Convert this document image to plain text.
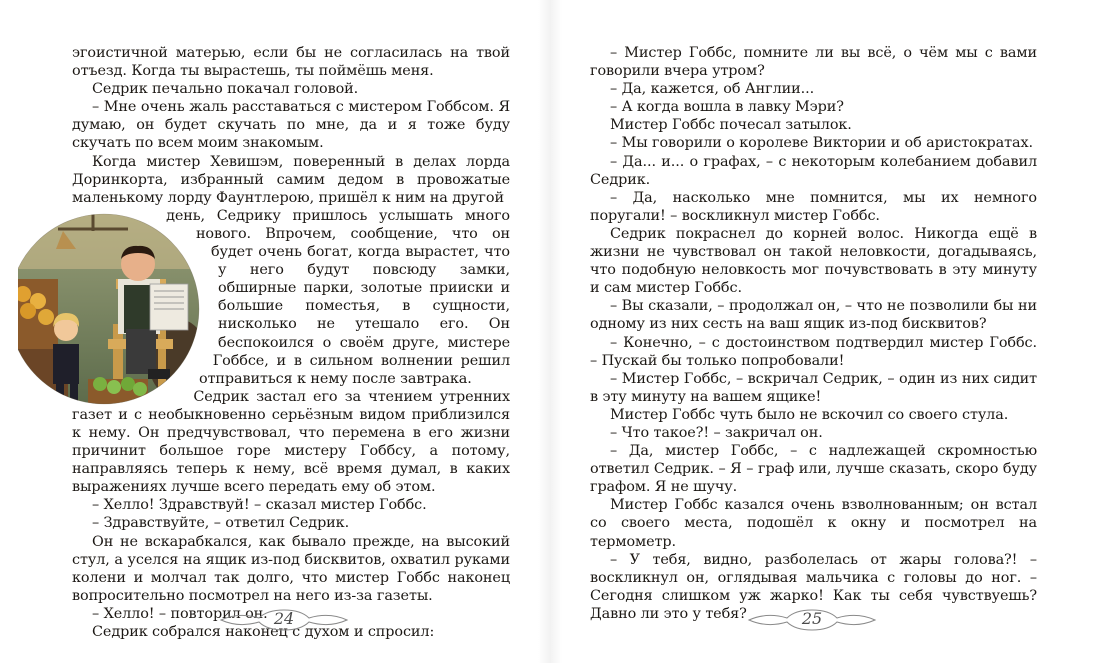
эгоистичной матерью, если бы не согласилась на твой отъезд. Когда ты вырастешь, ты поймёшь меня.

Седрик печально покачал головой.

– Мне очень жаль расставаться с мистером Гоббсом. Я думаю, он будет скучать по мне, да и я тоже буду скучать по всем моим знакомым.

Когда мистер Хевишэм, поверенный в делах лорда Доринкорта, избранный самим дедом в провожатые маленькому лорду Фаунтлерою, пришёл к ним на другой

день, Седрику пришлось услышать много нового. Впрочем, сообщение, что он будет очень богат, когда вырастет, что у него будут повсюду замки, обширные парки, золотые прииски и большие поместья, в сущности, нисколько не утешало его. Он беспокоился о своём друге, мистере Гоббсе, и в сильном волнении решил отправиться к нему после завтрака.

Седрик застал его за чтением утренних газет и с необыкновенно серьёзным видом приблизился к нему. Он предчувствовал, что перемена в его жизни причинит большое горе мистеру Гоббсу, а потому, направляясь теперь к нему, всё время думал, в каких выражениях лучше всего передать ему об этом.

– Хелло! Здравствуй! – сказал мистер Гоббс.

– Здравствуйте, – ответил Седрик.

Он не вскарабкался, как бывало прежде, на высокий стул, а уселся на ящик из-под бисквитов, охватил руками колени и молчал так долго, что мистер Гоббс наконец вопросительно посмотрел на него из-за газеты.

– Хелло! – повторил он.

Седрик собрался наконец с духом и спросил:

24

– Мистер Гоббс, помните ли вы всё, о чём мы с вами говорили вчера утром?

– Да, кажется, об Англии...

– А когда вошла в лавку Мэри?

Мистер Гоббс почесал затылок.

– Мы говорили о королеве Виктории и об аристократах.

– Да... и... о графах, – с некоторым колебанием добавил Седрик.

– Да, насколько мне помнится, мы их немного поругали! – воскликнул мистер Гоббс.

Седрик покраснел до корней волос. Никогда ещё в жизни не чувствовал он такой неловкости, догадываясь, что подобную неловкость мог почувствовать в эту минуту и сам мистер Гоббс.

– Вы сказали, – продолжал он, – что не позволили бы ни одному из них сесть на ваш ящик из-под бисквитов?

– Конечно, – с достоинством подтвердил мистер Гоббс. – Пускай бы только попробовали!

– Мистер Гоббс, – вскричал Седрик, – один из них сидит в эту минуту на вашем ящике!

Мистер Гоббс чуть было не вскочил со своего стула.

– Что такое?! – закричал он.

– Да, мистер Гоббс, – с надлежащей скромностью ответил Седрик. – Я – граф или, лучше сказать, скоро буду графом. Я не шучу.

Мистер Гоббс казался очень взволнованным; он встал со своего места, подошёл к окну и посмотрел на термометр.

– У тебя, видно, разболелась от жары голова?! – воскликнул он, оглядывая мальчика с головы до ног. – Сегодня слишком уж жарко! Как ты себя чувствуешь? Давно ли это у тебя?	25
